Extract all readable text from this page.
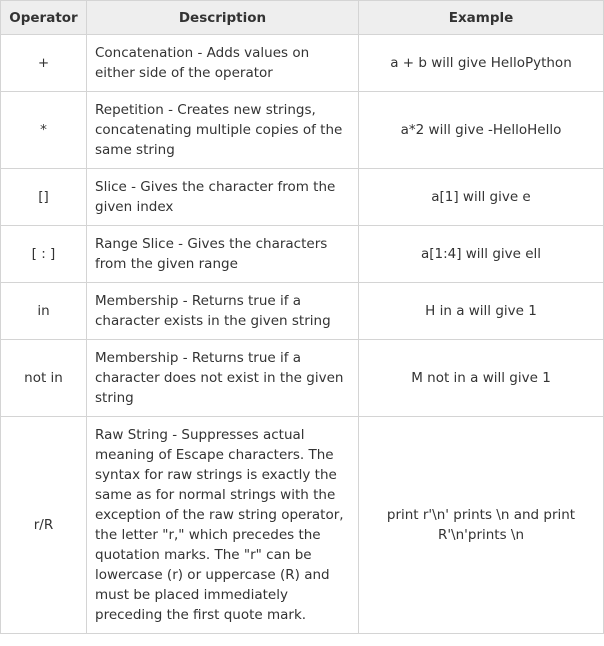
Operator	Description	Example
+	Concatenation - Adds values on either side of the operator	a + b will give HelloPython
*	Repetition - Creates new strings, concatenating multiple copies of the same string	a*2 will give -HelloHello
[]	Slice - Gives the character from the given index	a[1] will give e
[ : ]	Range Slice - Gives the characters from the given range	a[1:4] will give ell
in	Membership - Returns true if a character exists in the given string	H in a will give 1
not in	Membership - Returns true if a character does not exist in the given string	M not in a will give 1
r/R	Raw String - Suppresses actual meaning of Escape characters. The syntax for raw strings is exactly the same as for normal strings with the exception of the raw string operator, the letter "r," which precedes the quotation marks. The "r" can be lowercase (r) or uppercase (R) and must be placed immediately preceding the first quote mark.	print r'\n' prints \n and print R'\n'prints \n
